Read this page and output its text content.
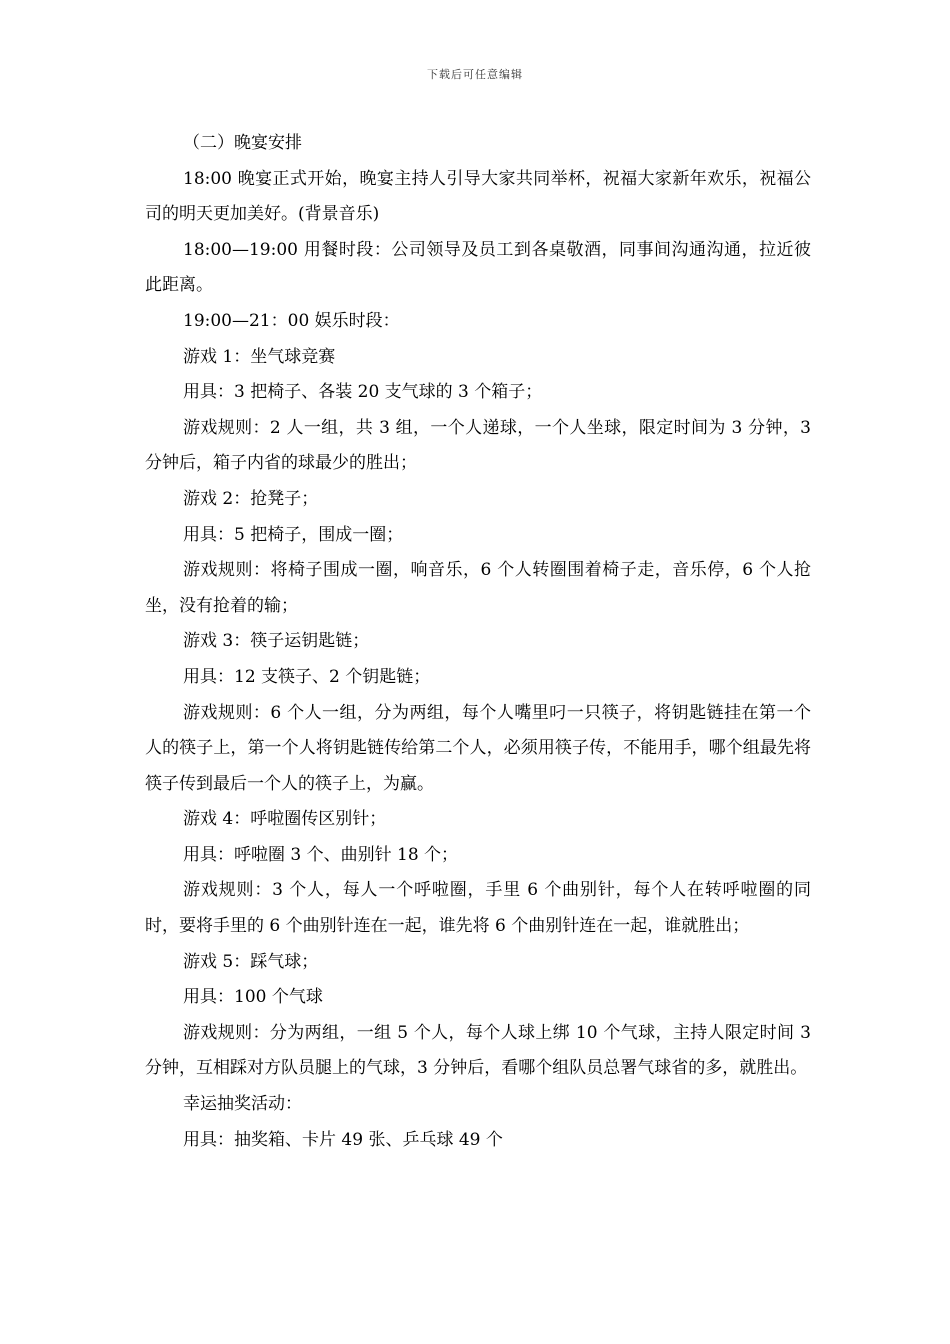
下载后可任意编辑

（二）晚宴安排

18:00 晚宴正式开始，晚宴主持人引导大家共同举杯，祝福大家新年欢乐，祝福公司的明天更加美好。(背景音乐)

18:00—19:00 用餐时段：公司领导及员工到各桌敬酒，同事间沟通沟通，拉近彼此距离。

19:00—21：00 娱乐时段：

游戏 1：坐气球竞赛

用具：3 把椅子、各装 20 支气球的 3 个箱子；

游戏规则：2 人一组，共 3 组，一个人递球，一个人坐球，限定时间为 3 分钟，3 分钟后，箱子内省的球最少的胜出；

游戏 2：抢凳子；

用具：5 把椅子，围成一圈；

游戏规则：将椅子围成一圈，响音乐，6 个人转圈围着椅子走，音乐停，6 个人抢坐，没有抢着的输；

游戏 3：筷子运钥匙链；

用具：12 支筷子、2 个钥匙链；

游戏规则：6 个人一组，分为两组，每个人嘴里叼一只筷子，将钥匙链挂在第一个人的筷子上，第一个人将钥匙链传给第二个人，必须用筷子传，不能用手，哪个组最先将筷子传到最后一个人的筷子上，为赢。

游戏 4：呼啦圈传区别针；

用具：呼啦圈 3 个、曲别针 18 个；

游戏规则：3 个人，每人一个呼啦圈，手里 6 个曲别针，每个人在转呼啦圈的同时，要将手里的 6 个曲别针连在一起，谁先将 6 个曲别针连在一起，谁就胜出；

游戏 5：踩气球；

用具：100 个气球

游戏规则：分为两组，一组 5 个人，每个人球上绑 10 个气球，主持人限定时间 3 分钟，互相踩对方队员腿上的气球，3 分钟后，看哪个组队员总署气球省的多，就胜出。

幸运抽奖活动：

用具：抽奖箱、卡片 49 张、乒乓球 49 个
